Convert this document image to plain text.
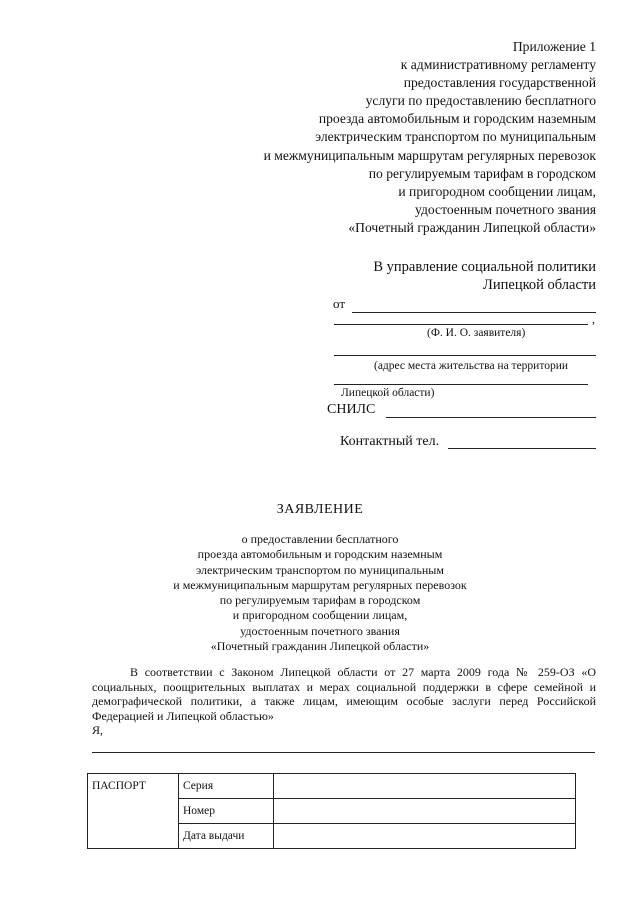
Приложение 1
к административному регламенту
предоставления государственной
услуги по предоставлению бесплатного
проезда автомобильным и городским наземным
электрическим транспортом по муниципальным
и межмуниципальным маршрутам регулярных перевозок
по регулируемым тарифам в городском
и пригородном сообщении лицам,
удостоенным почетного звания
«Почетный гражданин Липецкой области»
В управление социальной политики
Липецкой области
от
,
(Ф. И. О. заявителя)
(адрес места жительства на территории
Липецкой области)
СНИЛС
Контактный тел.
ЗАЯВЛЕНИЕ
о предоставлении бесплатного
проезда автомобильным и городским наземным
электрическим транспортом по муниципальным
и межмуниципальным маршрутам регулярных перевозок
по регулируемым тарифам в городском
и пригородном сообщении лицам,
удостоенным почетного звания
«Почетный гражданин Липецкой области»
В соответствии с Законом Липецкой области от 27 марта 2009 года № 259-ОЗ «О социальных, поощрительных выплатах и мерах социальной поддержки в сфере семейной и демографической политики, а также лицам, имеющим особые заслуги перед Российской Федерацией и Липецкой областью»
Я,
ПАСПОРТ	Серия	
	Номер	
	Дата выдачи	
